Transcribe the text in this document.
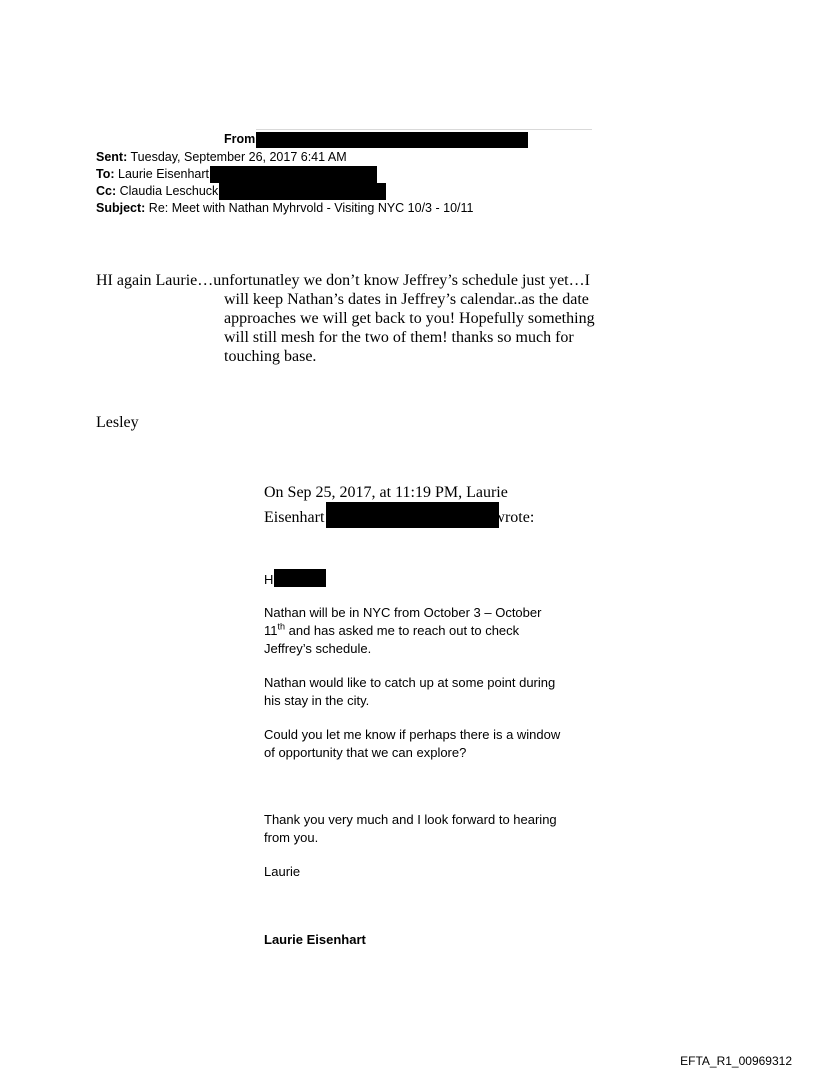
From
Sent: Tuesday, September 26, 2017 6:41 AM
To: Laurie Eisenhart
Cc: Claudia Leschuck
Subject: Re: Meet with Nathan Myhrvold - Visiting NYC 10/3 - 10/11
HI again Laurie…unfortunatley we don’t know Jeffrey’s schedule just yet…I
will keep Nathan’s dates in Jeffrey’s calendar..as the date approaches we will get back to you! Hopefully something will still mesh for the two of them! thanks so much for touching base.
Lesley
On Sep 25, 2017, at 11:19 PM, Laurie Eisenhart	wrote:
H
Nathan will be in NYC from October 3 – October 11th and has asked me to reach out to check Jeffrey’s schedule.
Nathan would like to catch up at some point during his stay in the city.
Could you let me know if perhaps there is a window of opportunity that we can explore?
Thank you very much and I look forward to hearing from you.
Laurie
Laurie Eisenhart
EFTA_R1_00969312
